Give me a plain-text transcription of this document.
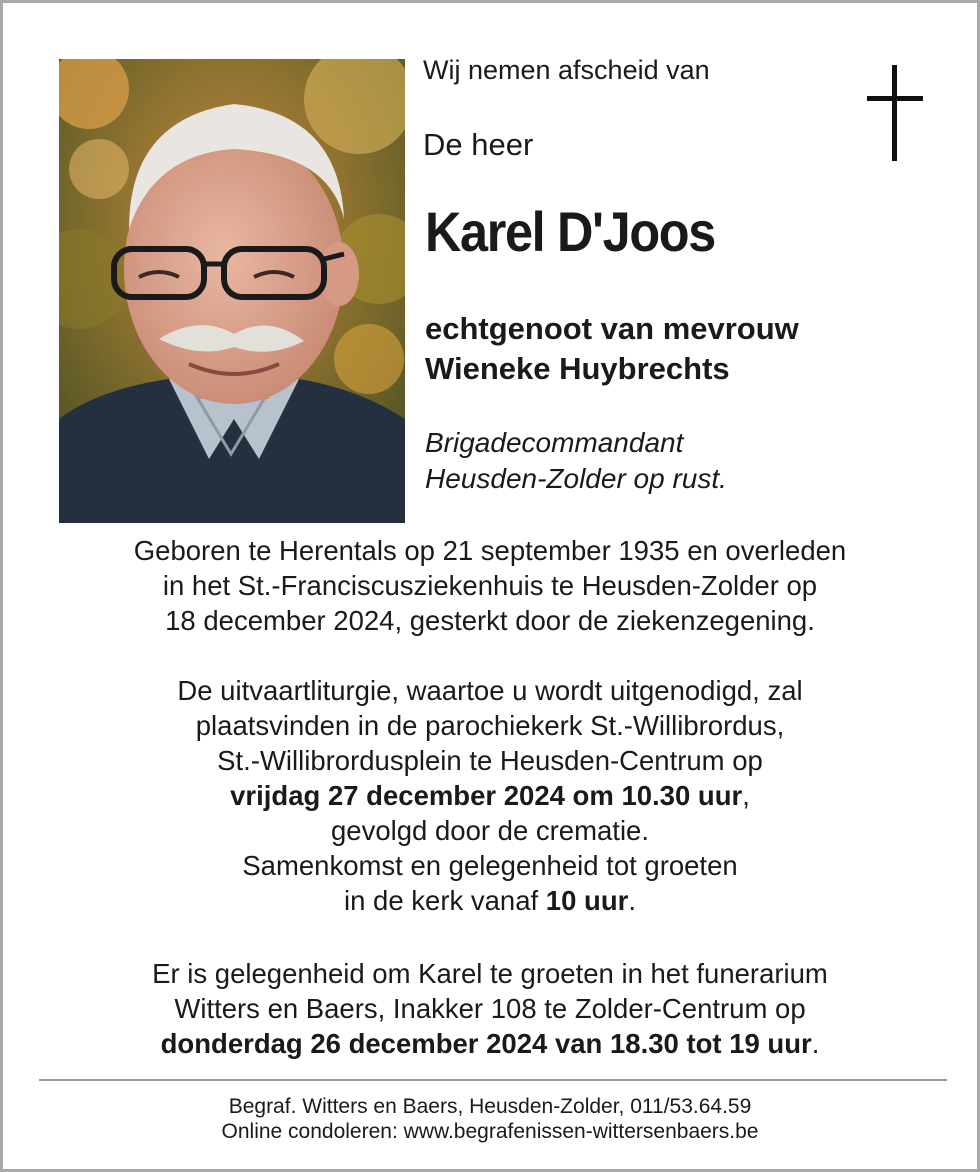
Wij nemen afscheid van
De heer
Karel D'Joos
echtgenoot van mevrouw
Wieneke Huybrechts
Brigadecommandant
Heusden-Zolder op rust.
Geboren te Herentals op 21 september 1935 en overleden
in het St.-Franciscusziekenhuis te Heusden-Zolder op
18 december 2024, gesterkt door de ziekenzegening.
De uitvaartliturgie, waartoe u wordt uitgenodigd, zal
plaatsvinden in de parochiekerk St.-Willibrordus,
St.-Willibrordusplein te Heusden-Centrum op
vrijdag 27 december 2024 om 10.30 uur,
gevolgd door de crematie.
Samenkomst en gelegenheid tot groeten
in de kerk vanaf 10 uur.
Er is gelegenheid om Karel te groeten in het funerarium
Witters en Baers, Inakker 108 te Zolder-Centrum op
donderdag 26 december 2024 van 18.30 tot 19 uur.
Begraf. Witters en Baers, Heusden-Zolder, 011/53.64.59
Online condoleren: www.begrafenissen-wittersenbaers.be
